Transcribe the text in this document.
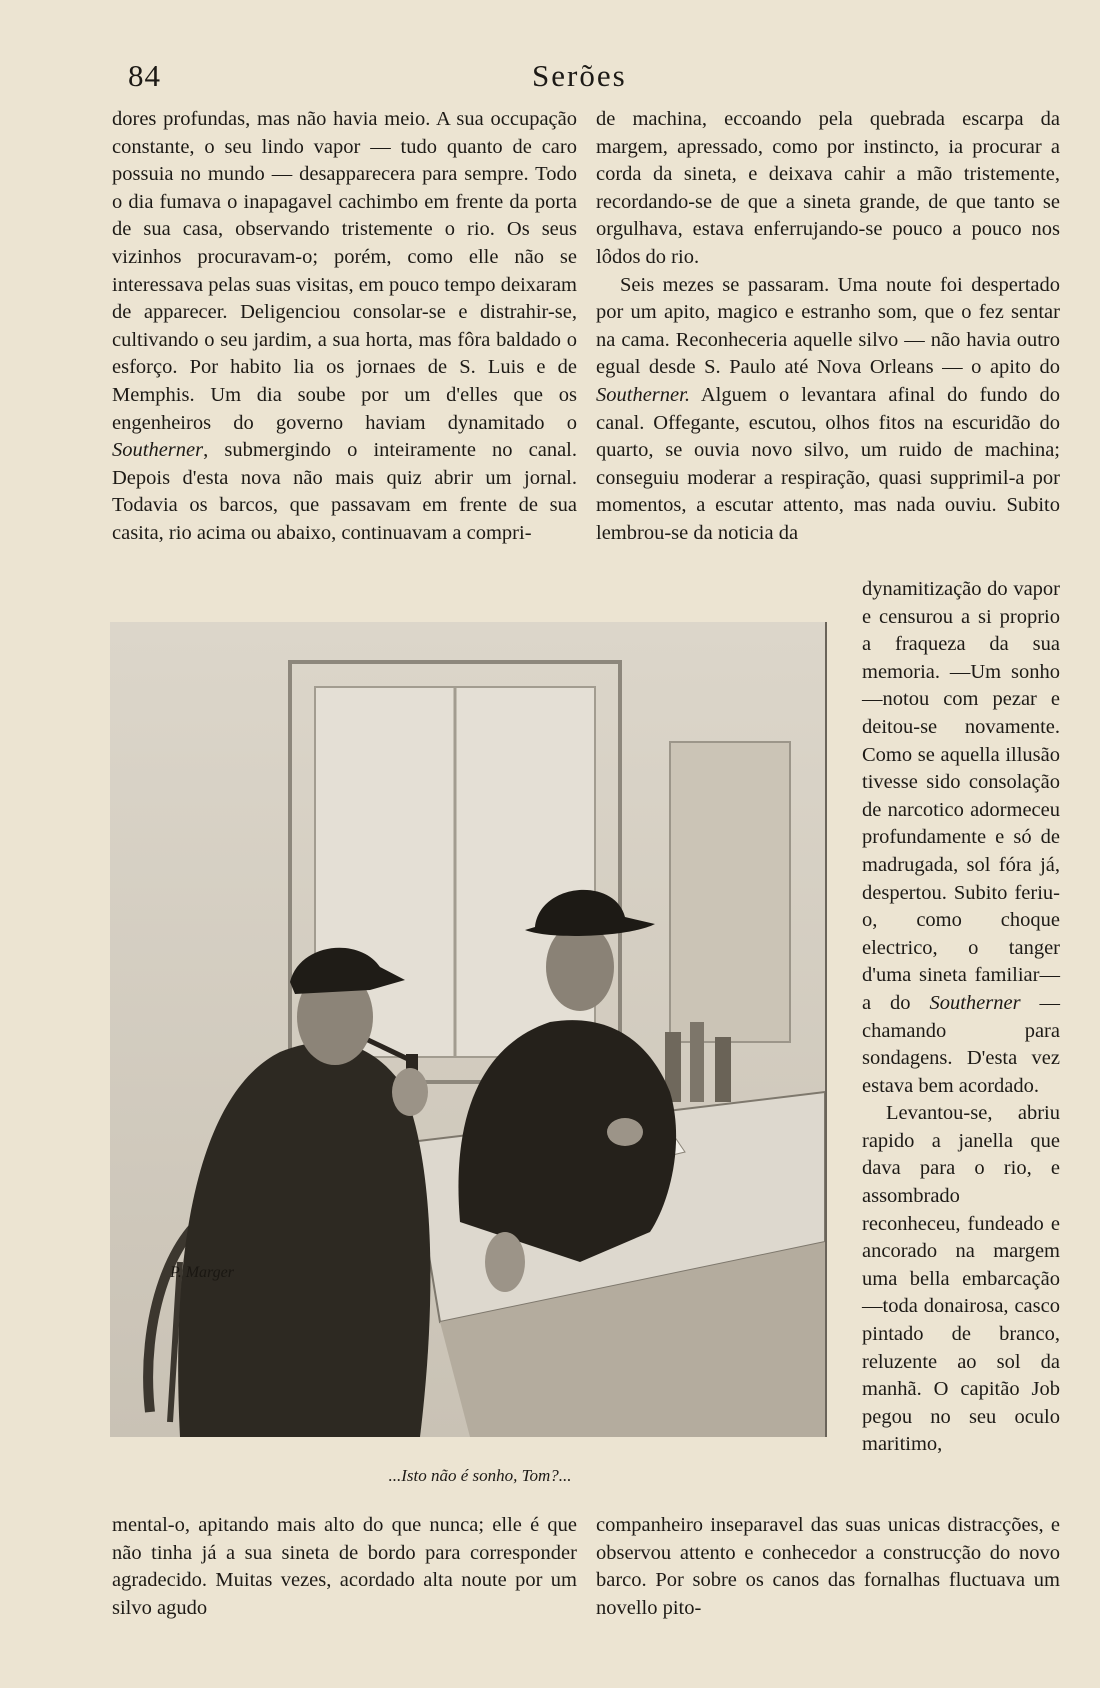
84	Serões

dores profundas, mas não havia meio. A sua occupação constante, o seu lindo vapor — tudo quanto de caro possuia no mundo — desapparecera para sempre. Todo o dia fumava o inapagavel cachimbo em frente da porta de sua casa, observando tristemente o rio. Os seus vizinhos procuravam-o; porém, como elle não se interessava pelas suas visitas, em pouco tempo deixaram de apparecer. Deligenciou consolar-se e distrahir-se, cultivando o seu jardim, a sua horta, mas fôra baldado o esforço. Por habito lia os jornaes de S. Luis e de Memphis. Um dia soube por um d'elles que os engenheiros do governo haviam dynamitado o Southerner, submergindo o inteiramente no canal. Depois d'esta nova não mais quiz abrir um jornal. Todavia os barcos, que passavam em frente de sua casita, rio acima ou abaixo, continuavam a compri-

de machina, eccoando pela quebrada escarpa da margem, apressado, como por instincto, ia procurar a corda da sineta, e deixava cahir a mão tristemente, recordando-se de que a sineta grande, de que tanto se orgulhava, estava enferrujando-se pouco a pouco nos lôdos do rio.

Seis mezes se passaram. Uma noute foi despertado por um apito, magico e estranho som, que o fez sentar na cama. Reconheceria aquelle silvo — não havia outro egual desde S. Paulo até Nova Orleans — o apito do Southerner. Alguem o levantara afinal do fundo do canal. Offegante, escutou, olhos fitos na escuridão do quarto, se ouvia novo silvo, um ruido de machina; conseguiu moderar a respiração, quasi supprimil-a por momentos, a escutar attento, mas nada ouviu. Subito lembrou-se da noticia da

dynamitização do vapor e censurou a si proprio a fraqueza da sua memoria. —Um sonho—notou com pezar e deitou-se novamente. Como se aquella illusão tivesse sido consolação de narcotico adormeceu profundamente e só de madrugada, sol fóra já, despertou. Subito feriu-o, como choque electrico, o tanger d'uma sineta familiar—a do Southerner — chamando para sondagens. D'esta vez estava bem acordado.

Levantou-se, abriu rapido a janella que dava para o rio, e assombrado reconheceu, fundeado e ancorado na margem uma bella embarcação—toda donairosa, casco pintado de branco, reluzente ao sol da manhã. O capitão Job pegou no seu oculo maritimo,

P. Marger
...Isto não é sonho, Tom?...

mental-o, apitando mais alto do que nunca; elle é que não tinha já a sua sineta de bordo para corresponder agradecido. Muitas vezes, acordado alta noute por um silvo agudo

companheiro inseparavel das suas unicas distracções, e observou attento e conhecedor a construcção do novo barco. Por sobre os canos das fornalhas fluctuava um novello pito-
